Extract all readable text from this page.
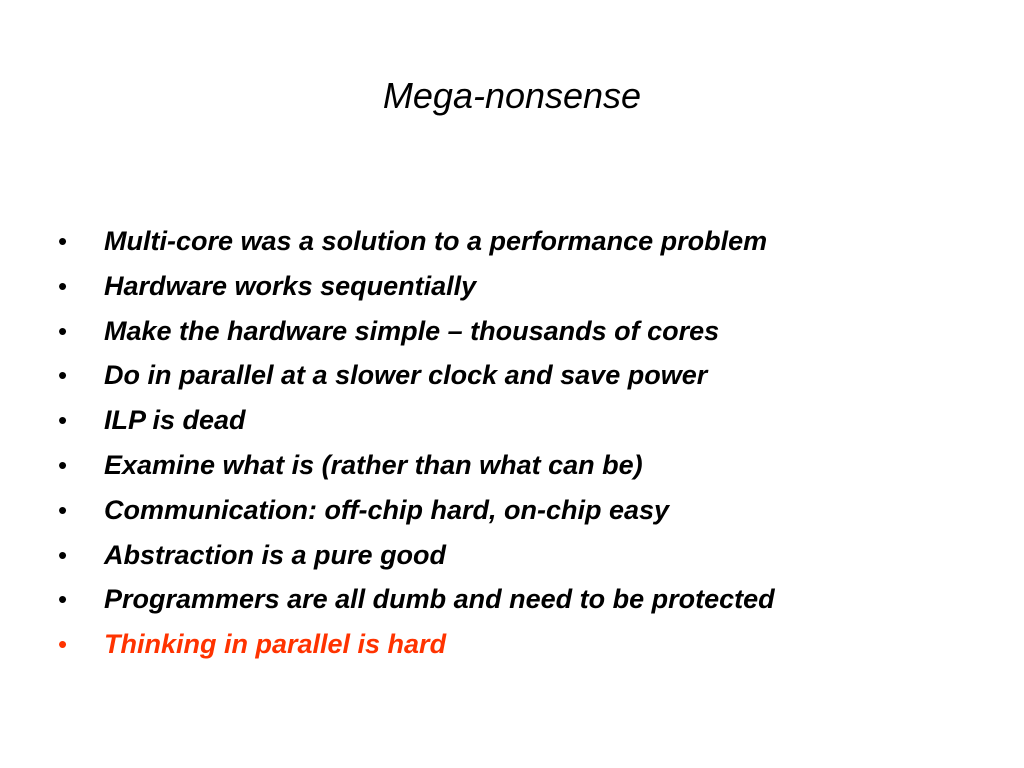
Mega-nonsense
•	Multi-core was a solution to a performance problem
•	Hardware works sequentially
•	Make the hardware simple – thousands of cores
•	Do in parallel at a slower clock and save power
•	ILP is dead
•	Examine what is (rather than what can be)
•	Communication: off-chip hard, on-chip easy
•	Abstraction is a pure good
•	Programmers are all dumb and need to be protected
•	Thinking in parallel is hard
